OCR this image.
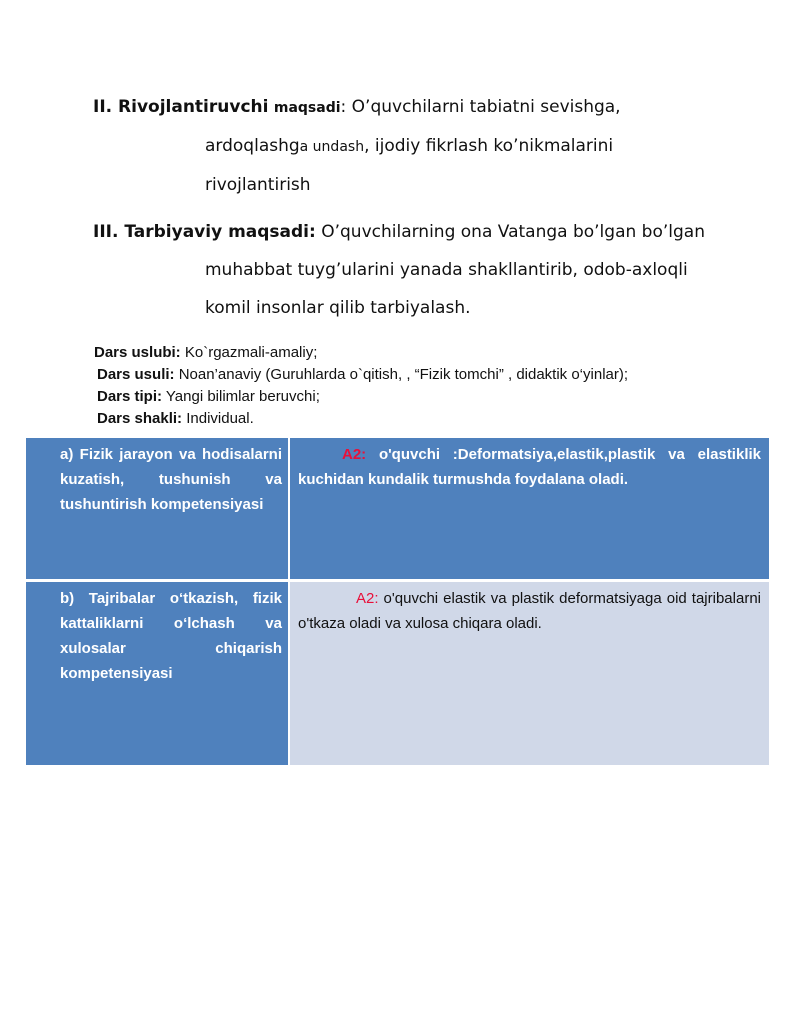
II. Rivojlantiruvchi maqsadi: O’quvchilarni tabiatni sevishga,
ardoqlashga undash, ijodiy fikrlash ko’nikmalarini
rivojlantirish
III. Tarbiyaviy maqsadi: O’quvchilarning ona Vatanga bo’lgan bo’lgan
muhabbat tuyg’ularini yanada shakllantirib, odob-axloqli
komil insonlar qilib tarbiyalash.
Dars uslubi: Ko`rgazmali-amaliy;
Dars usuli: Noan’anaviy (Guruhlarda o`qitish, , “Fizik tomchi” , didaktik o‘yinlar);
Dars tipi: Yangi bilimlar beruvchi;
Dars shakli: Individual.
a) Fizik jarayon va hodisalarni kuzatish, tushunish va tushuntirish kompetensiyasi
A2: o'quvchi :Deformatsiya,elastik,plastik va elastiklik kuchidan kundalik turmushda foydalana oladi.
b) Tajribalar o‘tkazish, fizik kattaliklarni o‘lchash va xulosalar chiqarish kompetensiyasi
A2: o'quvchi elastik va plastik deformatsiyaga oid tajribalarni o'tkaza oladi va xulosa chiqara oladi.
